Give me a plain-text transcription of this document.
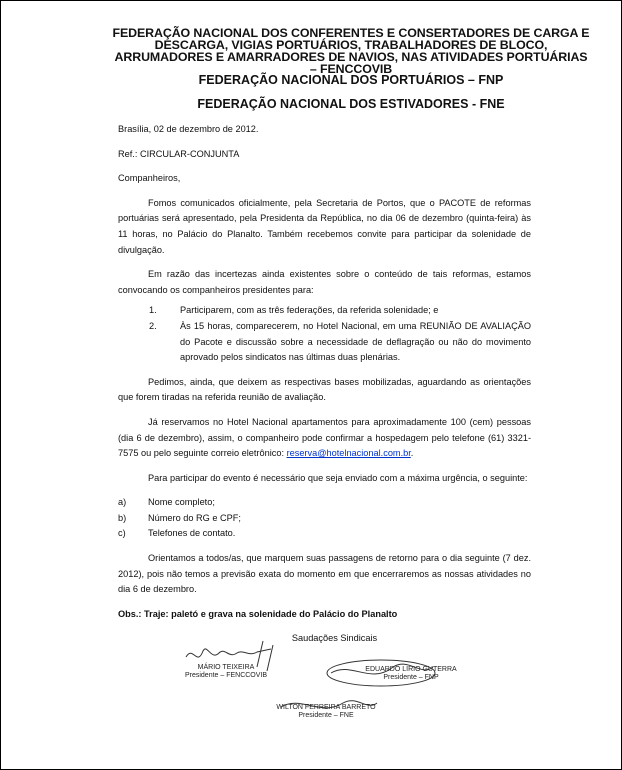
FEDERAÇÃO NACIONAL DOS CONFERENTES E CONSERTADORES DE CARGA E DESCARGA, VIGIAS PORTUÁRIOS, TRABALHADORES DE BLOCO, ARRUMADORES E AMARRADORES DE NAVIOS, NAS ATIVIDADES PORTUÁRIAS – FENCCOVIB
FEDERAÇÃO NACIONAL DOS PORTUÁRIOS – FNP
FEDERAÇÃO NACIONAL DOS ESTIVADORES - FNE

Brasília, 02 de dezembro de 2012.

Ref.: CIRCULAR-CONJUNTA

Companheiros,

Fomos comunicados oficialmente, pela Secretaria de Portos, que o PACOTE de reformas portuárias será apresentado, pela Presidenta da República, no dia 06 de dezembro (quinta-feira) às 11 horas, no Palácio do Planalto. Também recebemos convite para participar da solenidade de divulgação.

Em razão das incertezas ainda existentes sobre o conteúdo de tais reformas, estamos convocando os companheiros presidentes para:

1.	Participarem, com as três federações, da referida solenidade; e
2.	Às 15 horas, comparecerem, no Hotel Nacional, em uma REUNIÃO DE AVALIAÇÃO do Pacote e discussão sobre a necessidade de deflagração ou não do movimento aprovado pelos sindicatos nas últimas duas plenárias.

Pedimos, ainda, que deixem as respectivas bases mobilizadas, aguardando as orientações que forem tiradas na referida reunião de avaliação.

Já reservamos no Hotel Nacional apartamentos para aproximadamente 100 (cem) pessoas (dia 6 de dezembro), assim, o companheiro pode confirmar a hospedagem pelo telefone (61) 3321-7575 ou pelo seguinte correio eletrônico: reserva@hotelnacional.com.br.

Para participar do evento é necessário que seja enviado com a máxima urgência, o seguinte:

a)	Nome completo;
b)	Número do RG e CPF;
c)	Telefones de contato.

Orientamos a todos/as, que marquem suas passagens de retorno para o dia seguinte (7 dez. 2012), pois não temos a previsão exata do momento em que encerraremos as nossas atividades no dia 6 de dezembro.

Obs.: Traje: paletó e grava na solenidade do Palácio do Planalto

Saudações Sindicais

MÁRIO TEIXEIRA
Presidente – FENCCOVIB
EDUARDO LIRIO GUTERRA
Presidente – FNP
WILTON FERREIRA BARRETO
Presidente – FNE
